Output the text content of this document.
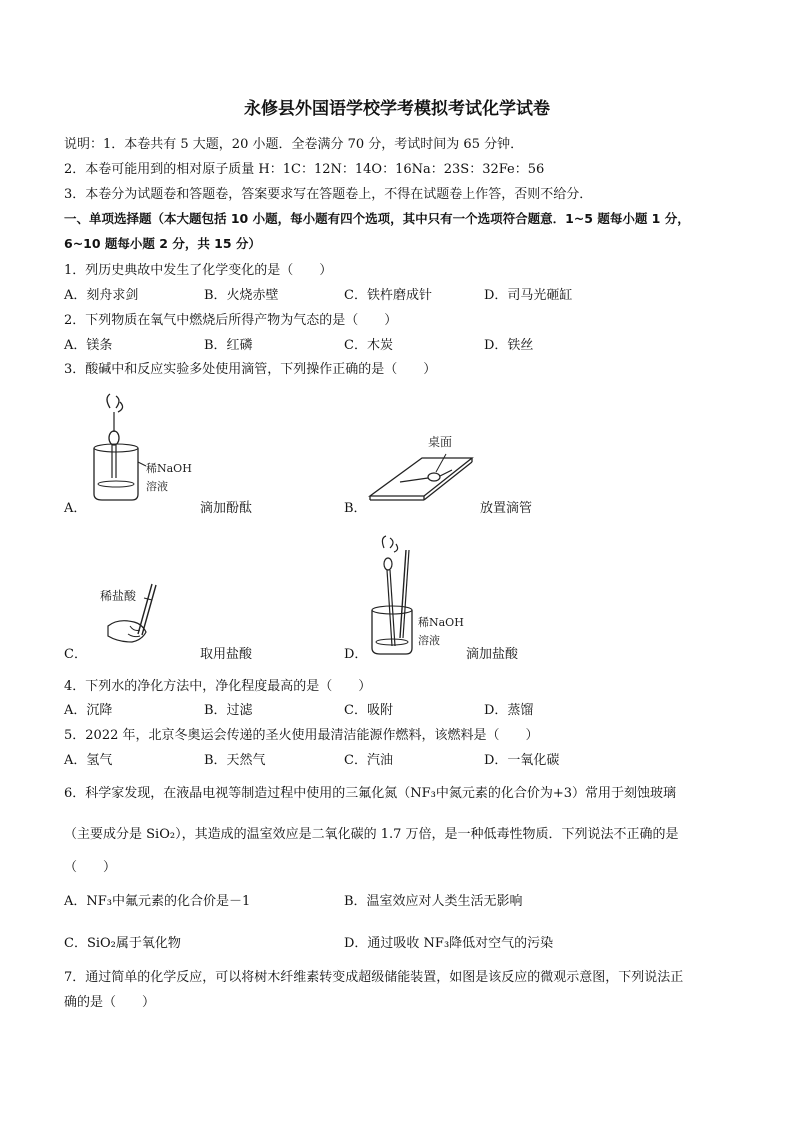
永修县外国语学校学考模拟考试化学试卷
说明：1．本卷共有 5 大题，20 小题．全卷满分 70 分，考试时间为 65 分钟．
2．本卷可能用到的相对原子质量 H：1C：12N：14O：16Na：23S：32Fe：56
3．本卷分为试题卷和答题卷，答案要求写在答题卷上，不得在试题卷上作答，否则不给分．
一、单项选择题（本大题包括 10 小题，每小题有四个选项，其中只有一个选项符合题意．1~5 题每小题 1 分，
6~10 题每小题 2 分，共 15 分）
1．列历史典故中发生了化学变化的是（　　）
A．刻舟求剑	B．火烧赤壁	C．铁杵磨成针	D．司马光砸缸
2．下列物质在氧气中燃烧后所得产物为气态的是（　　）
A．镁条	B．红磷	C．木炭	D．铁丝
3．酸碱中和反应实验多处使用滴管，下列操作正确的是（　　）
稀NaOH
溶液
A．	滴加酚酞
桌面
B．	放置滴管
稀盐酸
C．	取用盐酸
稀NaOH
溶液
D．	滴加盐酸
4．下列水的净化方法中，净化程度最高的是（　　）
A．沉降	B．过滤	C．吸附	D．蒸馏
5．2022 年，北京冬奥运会传递的圣火使用最清洁能源作燃料，该燃料是（　　）
A．氢气	B．天然气	C．汽油	D．一氧化碳
6．科学家发现，在液晶电视等制造过程中使用的三氟化氮（NF₃中氮元素的化合价为+3）常用于刻蚀玻璃
（主要成分是 SiO₂），其造成的温室效应是二氧化碳的 1.7 万倍，是一种低毒性物质．下列说法不正确的是
（　　）
A．NF₃中氟元素的化合价是－1	B．温室效应对人类生活无影响
C．SiO₂属于氧化物	D．通过吸收 NF₃降低对空气的污染
7．通过简单的化学反应，可以将树木纤维素转变成超级储能装置，如图是该反应的微观示意图，下列说法正
确的是（　　）
